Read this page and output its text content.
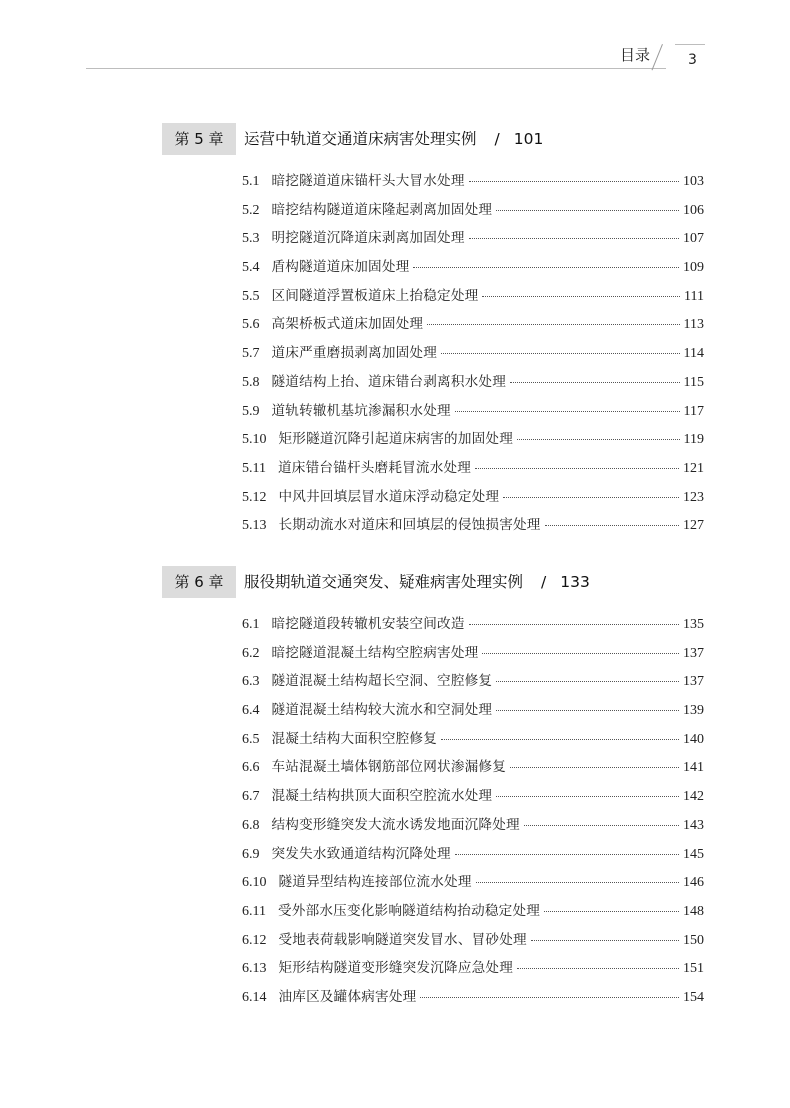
目录	3
第 5 章	运营中轨道交通道床病害处理实例 / 101
5.1 暗挖隧道道床锚杆头大冒水处理	103
5.2 暗挖结构隧道道床隆起剥离加固处理	106
5.3 明挖隧道沉降道床剥离加固处理	107
5.4 盾构隧道道床加固处理	109
5.5 区间隧道浮置板道床上抬稳定处理	111
5.6 高架桥板式道床加固处理	113
5.7 道床严重磨损剥离加固处理	114
5.8 隧道结构上抬、道床错台剥离积水处理	115
5.9 道轨转辙机基坑渗漏积水处理	117
5.10 矩形隧道沉降引起道床病害的加固处理	119
5.11 道床错台锚杆头磨耗冒流水处理	121
5.12 中风井回填层冒水道床浮动稳定处理	123
5.13 长期动流水对道床和回填层的侵蚀损害处理	127
第 6 章	服役期轨道交通突发、疑难病害处理实例 / 133
6.1 暗挖隧道段转辙机安装空间改造	135
6.2 暗挖隧道混凝土结构空腔病害处理	137
6.3 隧道混凝土结构超长空洞、空腔修复	137
6.4 隧道混凝土结构较大流水和空洞处理	139
6.5 混凝土结构大面积空腔修复	140
6.6 车站混凝土墙体钢筋部位网状渗漏修复	141
6.7 混凝土结构拱顶大面积空腔流水处理	142
6.8 结构变形缝突发大流水诱发地面沉降处理	143
6.9 突发失水致通道结构沉降处理	145
6.10 隧道异型结构连接部位流水处理	146
6.11 受外部水压变化影响隧道结构抬动稳定处理	148
6.12 受地表荷载影响隧道突发冒水、冒砂处理	150
6.13 矩形结构隧道变形缝突发沉降应急处理	151
6.14 油库区及罐体病害处理	154
